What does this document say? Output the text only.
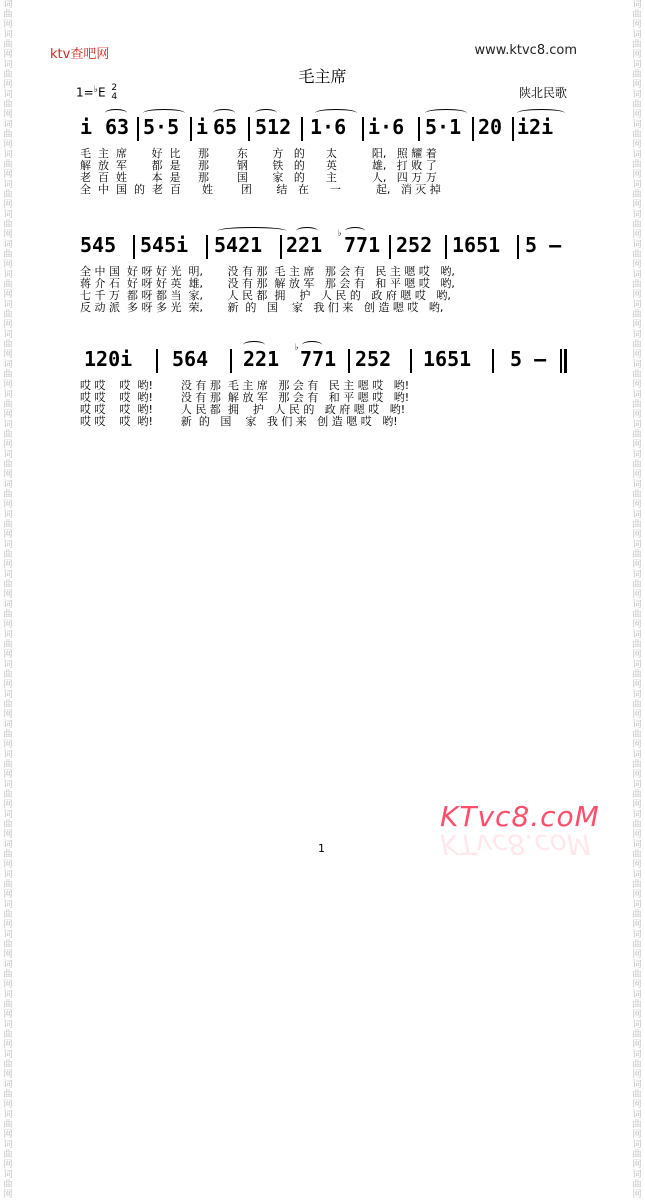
词曲网词曲网词曲网词曲网词曲网词曲网词曲网词曲网词曲网词曲网词曲网词曲网词曲网词曲网词曲网词曲网词曲网词曲网词曲网词曲网词曲网词曲网词曲网词曲网词曲网词曲网词曲网词曲网词曲网词曲网词曲网词曲网词曲网词曲网词曲网词曲网词曲网词曲网词曲网词曲网
词曲网词曲网词曲网词曲网词曲网词曲网词曲网词曲网词曲网词曲网词曲网词曲网词曲网词曲网词曲网词曲网词曲网词曲网词曲网词曲网词曲网词曲网词曲网词曲网词曲网词曲网词曲网词曲网词曲网词曲网词曲网词曲网词曲网词曲网词曲网词曲网词曲网词曲网词曲网词曲网
ktv查吧网	www.ktvc8.com
毛主席
1=♭E 2
4	陕北民歌
i 63 5·5 i 65 512 1·6 i·6 5·1 20 i2i
毛  主  席       好  比     那        东       方   的      太          阳,   照 耀 着
解  放  军       都  是     那        钢       铁   的      英          雄,   打 败 了
老  百  姓       本  是     那        国       家   的      主          人,   四 万 万
全  中  国  的  老  百      姓        团       结   在      一          起,   消 灭 掉
545 545i 5421 221 ♭ 771 252 1651 5 –
全 中 国  好 呀 好 光  明,       没 有 那  毛 主 席   那 会 有   民 主 嗯 哎   哟,
蒋 介 石  好 呀 好 英  雄,       没 有 那  解 放 军   那 会 有   和 平 嗯 哎   哟,
七 千 万  都 呀 都 当  家,       人 民 都  拥    护   人 民 的   政 府 嗯 哎   哟,
反 动 派  多 呀 多 光  荣,       新  的   国    家   我 们 来   创 造 嗯 哎   哟,
120i 564 221 ♭ 771 252 1651 5 –
哎 哎    哎  哟!        没 有 那  毛 主 席   那 会 有   民 主 嗯 哎   哟!
哎 哎    哎  哟!        没 有 那  解 放 军   那 会 有   和 平 嗯 哎   哟!
哎 哎    哎  哟!        人 民 都  拥    护   人 民 的   政 府 嗯 哎   哟!
哎 哎    哎  哟!        新  的   国    家   我 们 来   创 造 嗯 哎   哟!
KTvc8.coM
KTvc8.coM
1
